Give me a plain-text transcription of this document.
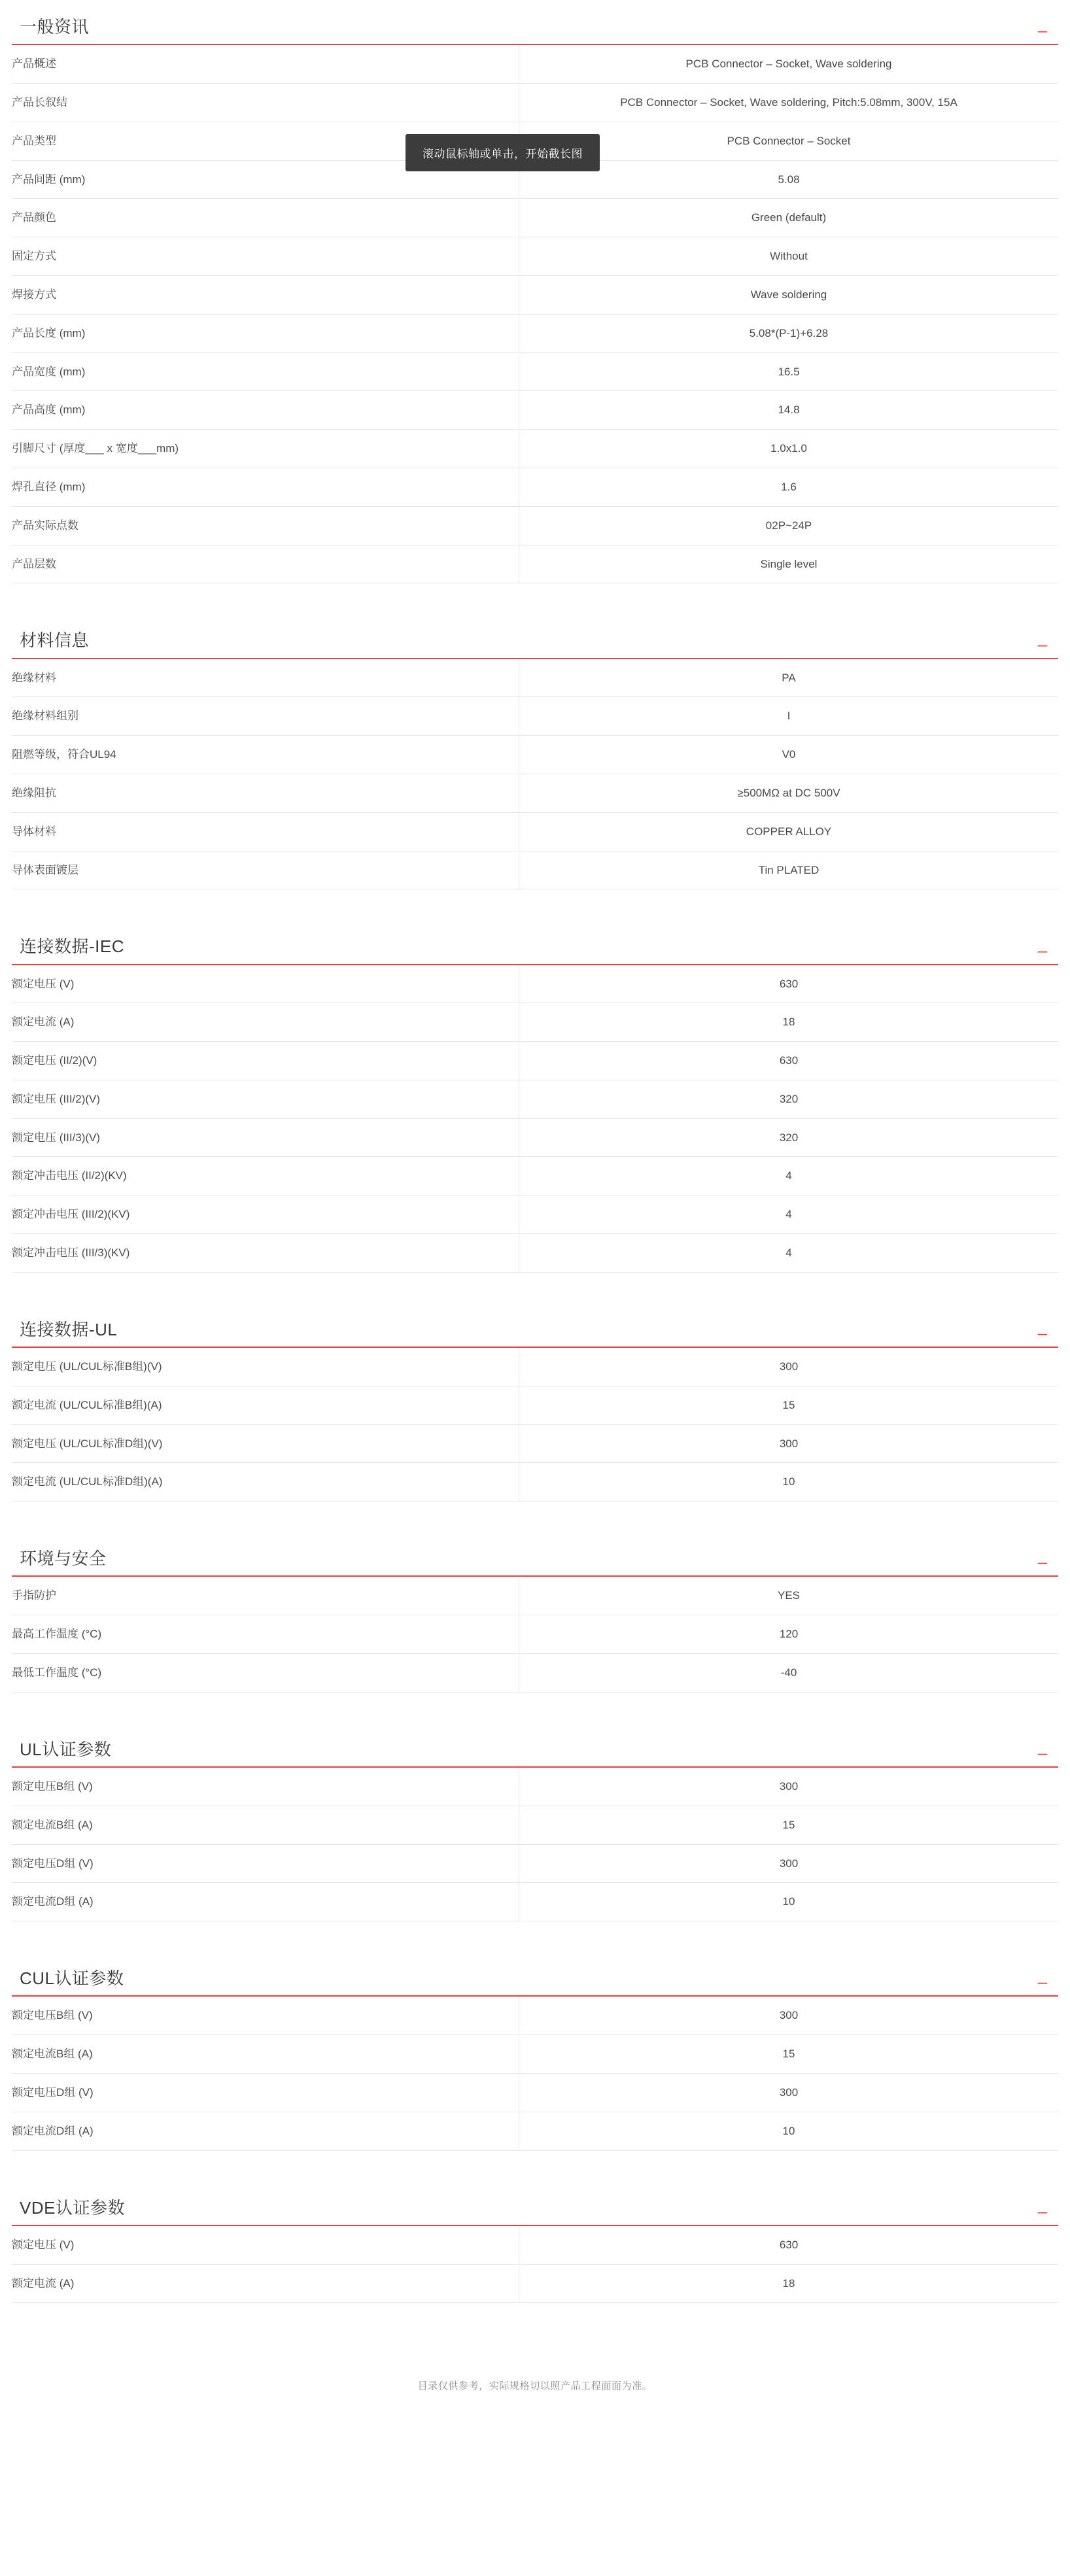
一般资讯	–
产品概述	PCB Connector – Socket, Wave soldering
产品长叙结	PCB Connector – Socket, Wave soldering, Pitch:5.08mm, 300V, 15A
产品类型	PCB Connector – Socket
产品间距 (mm)	5.08
产品颜色	Green (default)
固定方式	Without
焊接方式	Wave soldering
产品长度 (mm)	5.08*(P-1)+6.28
产品宽度 (mm)	16.5
产品高度 (mm)	14.8
引脚尺寸 (厚度___ x 宽度___mm)	1.0x1.0
焊孔直径 (mm)	1.6
产品实际点数	02P~24P
产品层数	Single level
材料信息	–
绝缘材料	PA
绝缘材料组别	I
阻燃等级，符合UL94	V0
绝缘阻抗	≥500MΩ at DC 500V
导体材料	COPPER ALLOY
导体表面镀层	Tin PLATED
连接数据-IEC	–
额定电压 (V)	630
额定电流 (A)	18
额定电压 (II/2)(V)	630
额定电压 (III/2)(V)	320
额定电压 (III/3)(V)	320
额定冲击电压 (II/2)(KV)	4
额定冲击电压 (III/2)(KV)	4
额定冲击电压 (III/3)(KV)	4
连接数据-UL	–
额定电压 (UL/CUL标准B组)(V)	300
额定电流 (UL/CUL标准B组)(A)	15
额定电压 (UL/CUL标准D组)(V)	300
额定电流 (UL/CUL标准D组)(A)	10
环境与安全	–
手指防护	YES
最高工作温度 (°C)	120
最低工作温度 (°C)	-40
UL认证参数	–
额定电压B组 (V)	300
额定电流B组 (A)	15
额定电压D组 (V)	300
额定电流D组 (A)	10
CUL认证参数	–
额定电压B组 (V)	300
额定电流B组 (A)	15
额定电压D组 (V)	300
额定电流D组 (A)	10
VDE认证参数	–
额定电压 (V)	630
额定电流 (A)	18
滚动鼠标轴或单击，开始截长图
目录仅供参考，实际规格切以照产品工程面面为准。
